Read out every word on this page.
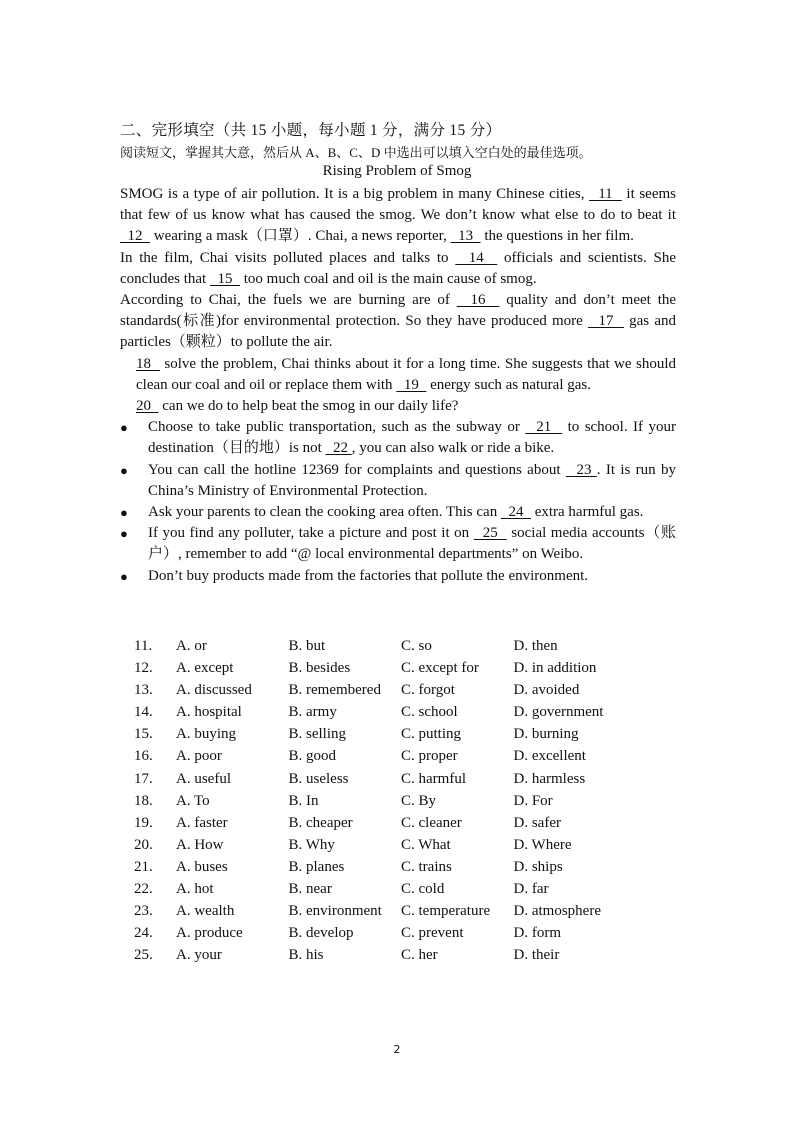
二、完形填空（共 15 小题，每小题 1 分，满分 15 分）
阅读短文，掌握其大意，然后从 A、B、C、D 中选出可以填入空白处的最佳选项。
Rising Problem of Smog

SMOG is a type of air pollution. It is a big problem in many Chinese cities,   11   it seems that few of us know what has caused the smog. We don’t know what else to do to beat it   12   wearing a mask（口罩）. Chai, a news reporter,   13   the questions in her film.

In the film, Chai visits polluted places and talks to   14   officials and scientists. She concludes that   15   too much coal and oil is the main cause of smog.

According to Chai, the fuels we are burning are of   16   quality and don’t meet the standards(标准)for environmental protection. So they have produced more   17   gas and particles（颗粒）to pollute the air.

18   solve the problem, Chai thinks about it for a long time. She suggests that we should clean our coal and oil or replace them with   19   energy such as natural gas.

20   can we do to help beat the smog in our daily life?

● Choose to take public transportation, such as the subway or   21   to school. If your destination（目的地）is not   22 , you can also walk or ride a bike.
● You can call the hotline 12369 for complaints and questions about   23 . It is run by China’s Ministry of Environmental Protection.
● Ask your parents to clean the cooking area often. This can   24   extra harmful gas.
● If you find any polluter, take a picture and post it on   25   social media accounts（账户）, remember to add “@ local environmental departments” on Weibo.
● Don’t buy products made from the factories that pollute the environment.
11.	A. or	B. but	C. so	D. then
12.	A. except	B. besides	C. except for	D. in addition
13.	A. discussed	B. remembered	C. forgot	D. avoided
14.	A. hospital	B. army	C. school	D. government
15.	A. buying	B. selling	C. putting	D. burning
16.	A. poor	B. good	C. proper	D. excellent
17.	A. useful	B. useless	C. harmful	D. harmless
18.	A. To	B. In	C. By	D. For
19.	A. faster	B. cheaper	C. cleaner	D. safer
20.	A. How	B. Why	C. What	D. Where
21.	A. buses	B. planes	C. trains	D. ships
22.	A. hot	B. near	C. cold	D. far
23.	A. wealth	B. environment	C. temperature	D. atmosphere
24.	A. produce	B. develop	C. prevent	D. form
25.	A. your	B. his	C. her	D. their
2
